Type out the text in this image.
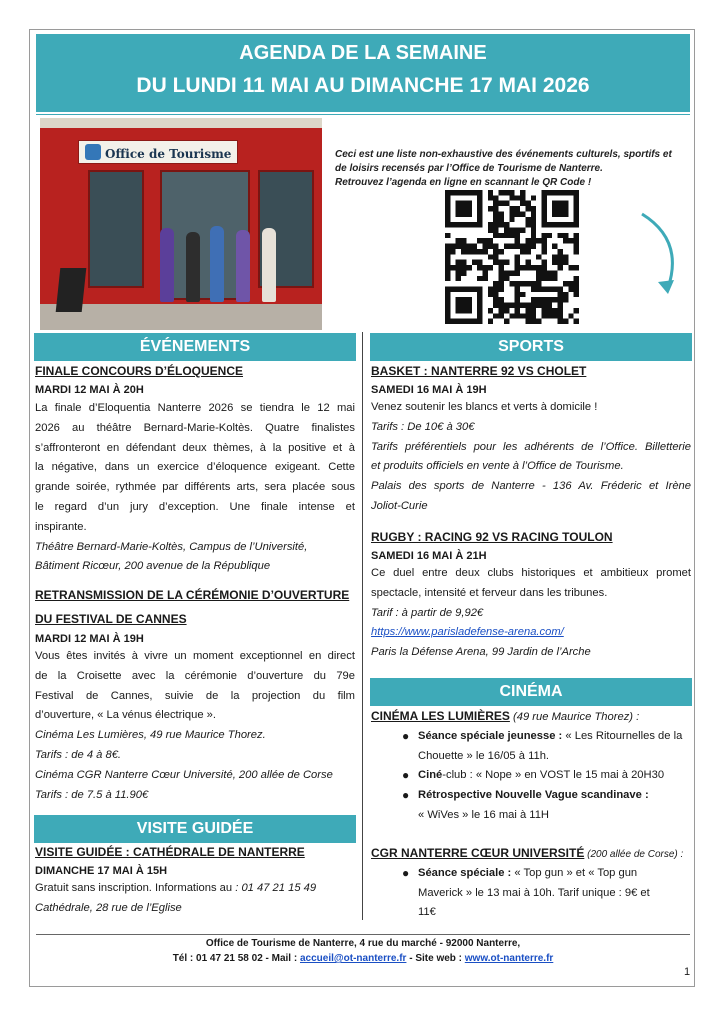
AGENDA DE LA SEMAINE
DU LUNDI 11 MAI AU DIMANCHE 17 MAI 2026
Office de Tourisme	Ceci est une liste non-exhaustive des événements culturels, sportifs et
de loisirs recensés par l’Office de Tourisme de Nanterre.
Retrouvez l’agenda en ligne en scannant le QR Code !
ÉVÉNEMENTS
FINALE CONCOURS D’ÉLOQUENCE
MARDI 12 MAI À 20H
La finale d’Eloquentia Nanterre 2026 se tiendra le 12 mai
2026 au théâtre Bernard-Marie-Koltès. Quatre finalistes
s’affronteront en défendant deux thèmes, à la positive et à
la négative, dans un exercice d’éloquence exigeant. Cette
grande soirée, rythmée par différents arts, sera placée sous
le regard d’un jury d’exception. Une finale intense et
inspirante.
Théâtre Bernard-Marie-Koltès, Campus de l’Université,
Bâtiment Ricœur, 200 avenue de la République
RETRANSMISSION DE LA CÉRÉMONIE D’OUVERTURE
DU FESTIVAL DE CANNES
MARDI 12 MAI À 19H
Vous êtes invités à vivre un moment exceptionnel en direct
de la Croisette avec la cérémonie d’ouverture du 79e
Festival de Cannes, suivie de la projection du film
d’ouverture, « La vénus électrique ».
Cinéma Les Lumières, 49 rue Maurice Thorez.
Tarifs : de 4 à 8€.
Cinéma CGR Nanterre Cœur Université, 200 allée de Corse
Tarifs : de 7.5 à 11.90€
VISITE GUIDÉE
VISITE GUIDÉE : CATHÉDRALE DE NANTERRE
DIMANCHE 17 MAI À 15H
Gratuit sans inscription. Informations au : 01 47 21 15 49
Cathédrale, 28 rue de l’Eglise
SPORTS
BASKET : NANTERRE 92 VS CHOLET
SAMEDI 16 MAI À 19H
Venez soutenir les blancs et verts à domicile !
Tarifs : De 10€ à 30€
Tarifs préférentiels pour les adhérents de l’Office. Billetterie
et produits officiels en vente à l’Office de Tourisme.
Palais des sports de Nanterre - 136 Av. Fréderic et Irène
Joliot-Curie
RUGBY : RACING 92 VS RACING TOULON
SAMEDI 16 MAI À 21H
Ce duel entre deux clubs historiques et ambitieux promet
spectacle, intensité et ferveur dans les tribunes.
Tarif : à partir de 9,92€
https://www.parisladefense-arena.com/
Paris la Défense Arena, 99 Jardin de l’Arche
CINÉMA
CINÉMA LES LUMIÈRES (49 rue Maurice Thorez) :
● Séance spéciale jeunesse : « Les Ritournelles de la
Chouette » le 16/05 à 11h.
● Ciné-club : « Nope » en VOST le 15 mai à 20H30
● Rétrospective Nouvelle Vague scandinave :
« WiVes » le 16 mai à 11H
CGR NANTERRE CŒUR UNIVERSITÉ (200 allée de Corse) :
● Séance spéciale : « Top gun » et « Top gun
Maverick » le 13 mai à 10h. Tarif unique : 9€ et
11€
Office de Tourisme de Nanterre, 4 rue du marché - 92000 Nanterre,
Tél : 01 47 21 58 02 - Mail : accueil@ot-nanterre.fr - Site web : www.ot-nanterre.fr
1
